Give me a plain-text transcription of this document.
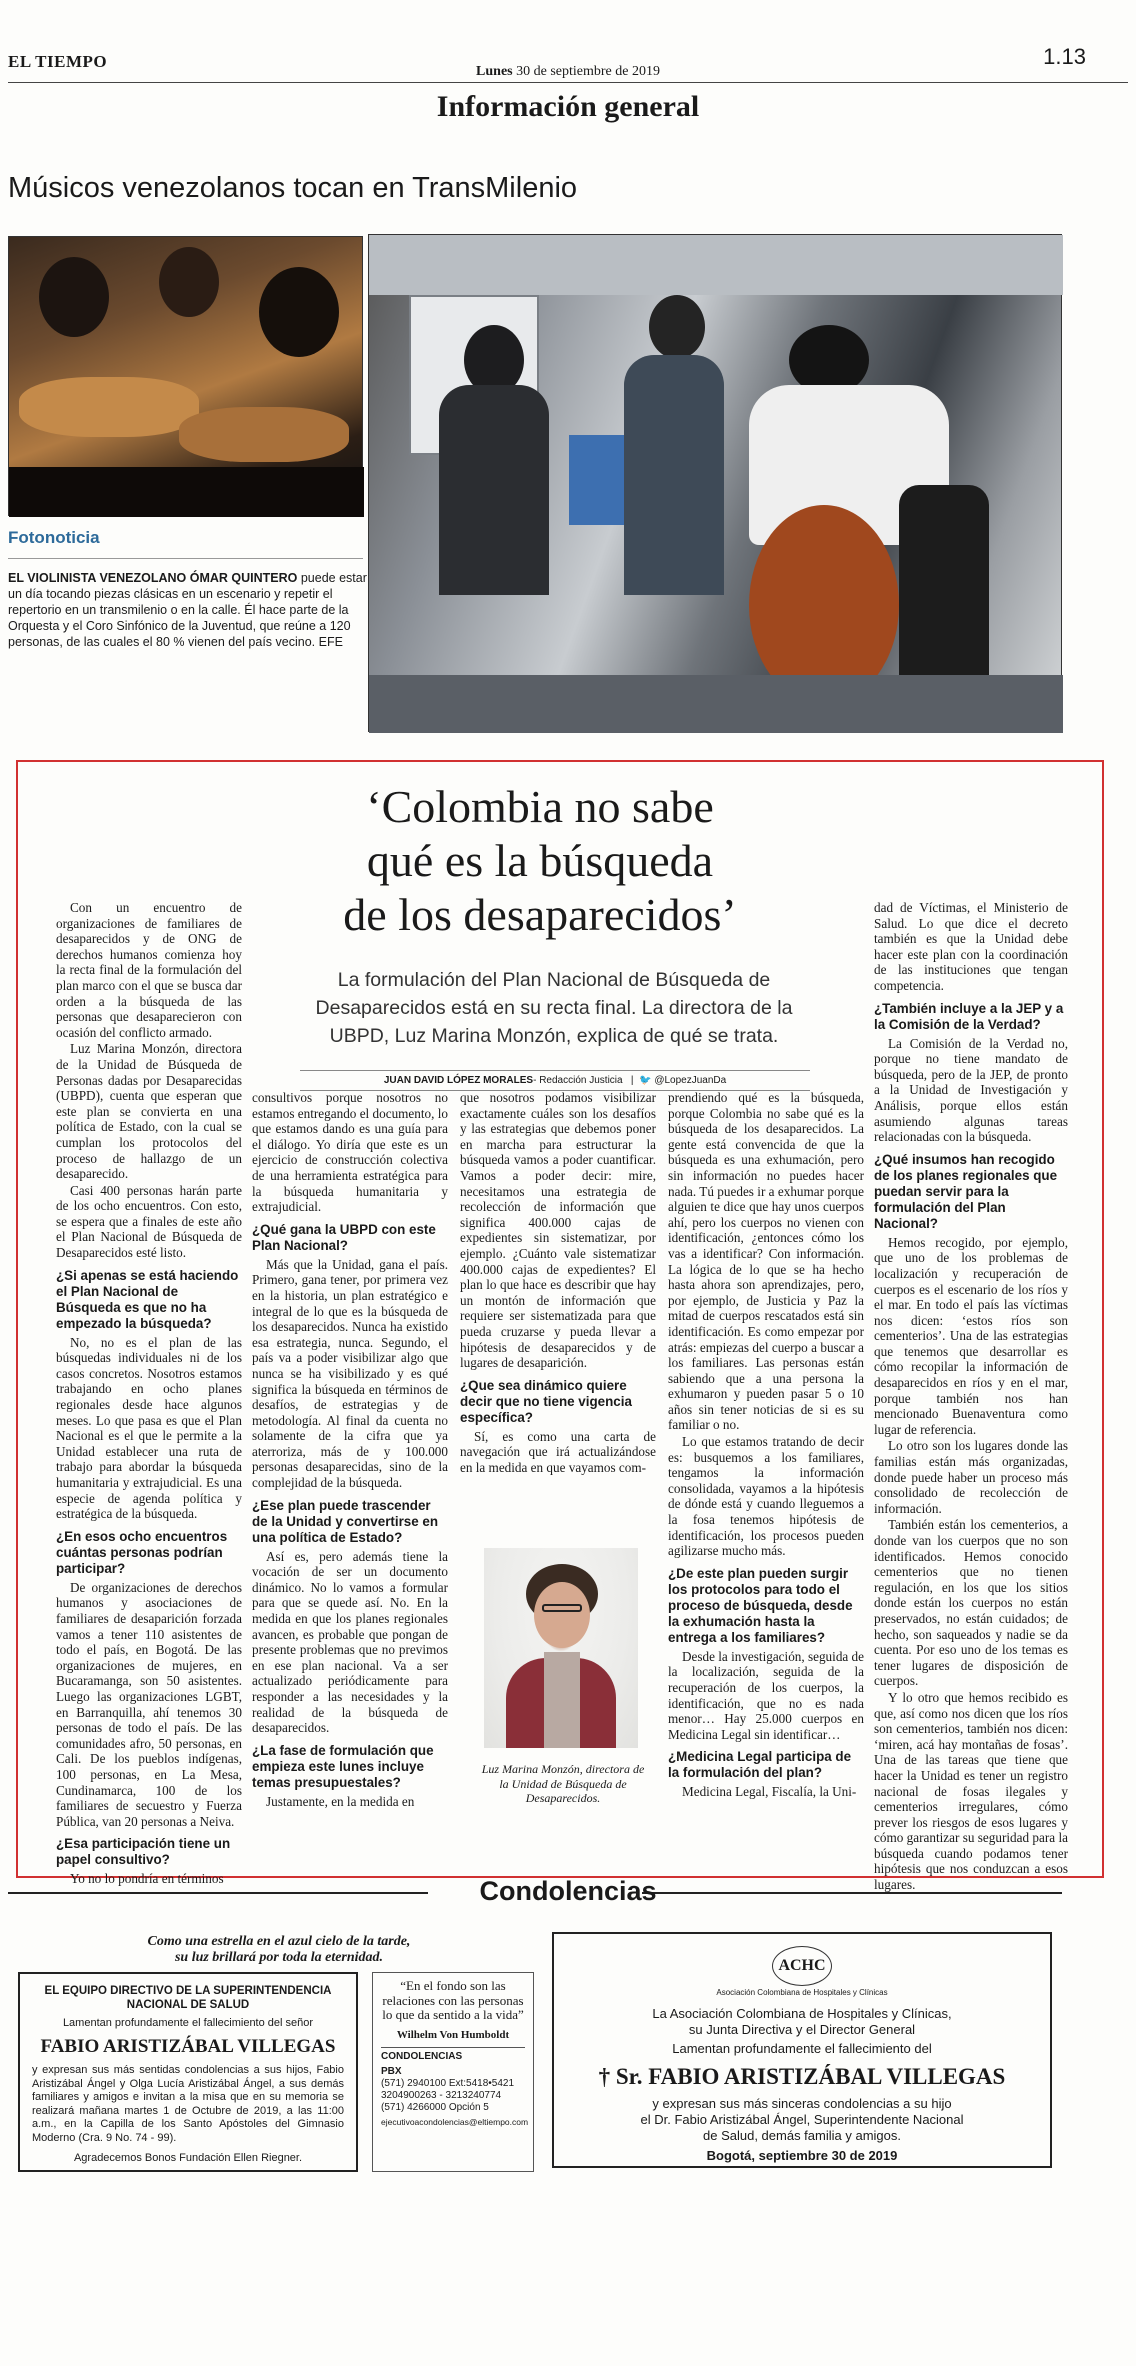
EL TIEMPO
Lunes 30 de septiembre de 2019
1.13
Información general
Músicos venezolanos tocan en TransMilenio
Fotonoticia
EL VIOLINISTA VENEZOLANO ÓMAR QUINTERO puede estar un día tocando piezas clásicas en un escenario y repetir el repertorio en un transmilenio o en la calle. Él hace parte de la Orquesta y el Coro Sinfónico de la Juventud, que reúne a 120 personas, de las cuales el 80 % vienen del país vecino. EFE
‘Colombia no sabe
qué es la búsqueda
de los desaparecidos’
La formulación del Plan Nacional de Búsqueda de Desaparecidos está en su recta final. La directora de la UBPD, Luz Marina Monzón, explica de qué se trata.
JUAN DAVID LÓPEZ MORALES- Redacción Justicia   |  🐦 @LopezJuanDa

Con un encuentro de organizaciones de familiares de desaparecidos y de ONG de derechos humanos comienza hoy la recta final de la formulación del plan marco con el que se busca dar orden a la búsqueda de las personas que desaparecieron con ocasión del conflicto armado.

Luz Marina Monzón, directora de la Unidad de Búsqueda de Personas dadas por Desaparecidas (UBPD), cuenta que esperan que este plan se convierta en una política de Estado, con la cual se cumplan los protocolos del proceso de hallazgo de un desaparecido.

Casi 400 personas harán parte de los ocho encuentros. Con esto, se espera que a finales de este año el Plan Nacional de Búsqueda de Desaparecidos esté listo.

¿Si apenas se está haciendo el Plan Nacional de Búsqueda es que no ha empezado la búsqueda?

No, no es el plan de las búsquedas individuales ni de los casos concretos. Nosotros estamos trabajando en ocho planes regionales desde hace algunos meses. Lo que pasa es que el Plan Nacional es el que le permite a la Unidad establecer una ruta de trabajo para abordar la búsqueda humanitaria y extrajudicial. Es una especie de agenda política y estratégica de la búsqueda.

¿En esos ocho encuentros cuántas personas podrían participar?

De organizaciones de derechos humanos y asociaciones de familiares de desaparición forzada vamos a tener 110 asistentes de todo el país, en Bogotá. De las organizaciones de mujeres, en Bucaramanga, son 50 asistentes. Luego las organizaciones LGBT, en Barranquilla, ahí tenemos 30 personas de todo el país. De las comunidades afro, 50 personas, en Cali. De los pueblos indígenas, 100 personas, en La Mesa, Cundinamarca, 100 de los familiares de secuestro y Fuerza Pública, van 20 personas a Neiva.

¿Esa participación tiene un papel consultivo?

Yo no lo pondría en términos

consultivos porque nosotros no estamos entregando el documento, lo que estamos dando es una guía para el diálogo. Yo diría que este es un ejercicio de construcción colectiva de una herramienta estratégica para la búsqueda humanitaria y extrajudicial.

¿Qué gana la UBPD con este Plan Nacional?

Más que la Unidad, gana el país. Primero, gana tener, por primera vez en la historia, un plan estratégico e integral de lo que es la búsqueda de los desaparecidos. Nunca ha existido esa estrategia, nunca. Segundo, el país va a poder visibilizar algo que nunca se ha visibilizado y es qué significa la búsqueda en términos de desafíos, de estrategias y de metodología. Al final da cuenta no solamente de la cifra que ya aterroriza, más de y 100.000 personas desaparecidas, sino de la complejidad de la búsqueda.

¿Ese plan puede trascender de la Unidad y convertirse en una política de Estado?

Así es, pero además tiene la vocación de ser un documento dinámico. No lo vamos a formular para que se quede así. No. En la medida en que los planes regionales avancen, es probable que pongan de presente problemas que no previmos en ese plan nacional. Va a ser actualizado periódicamente para responder a las necesidades y la realidad de la búsqueda de desaparecidos.

¿La fase de formulación que empieza este lunes incluye temas presupuestales?

Justamente, en la medida en

que nosotros podamos visibilizar exactamente cuáles son los desafíos y las estrategias que debemos poner en marcha para estructurar la búsqueda vamos a poder cuantificar. Vamos a poder decir: mire, necesitamos una estrategia de recolección de información que significa 400.000 cajas de expedientes sin sistematizar, por ejemplo. ¿Cuánto vale sistematizar 400.000 cajas de expedientes? El plan lo que hace es describir que hay un montón de información que requiere ser sistematizada para que pueda cruzarse y pueda llevar a hipótesis de desaparecidos y de lugares de desaparición.

¿Que sea dinámico quiere decir que no tiene vigencia específica?

Sí, es como una carta de navegación que irá actualizándose en la medida en que vayamos com-

Luz Marina Monzón, directora de la Unidad de Búsqueda de Desaparecidos.

prendiendo qué es la búsqueda, porque Colombia no sabe qué es la búsqueda de los desaparecidos. La gente está convencida de que la búsqueda es una exhumación, pero sin información no puedes hacer nada. Tú puedes ir a exhumar porque alguien te dice que hay unos cuerpos ahí, pero los cuerpos no vienen con identificación, ¿entonces cómo los vas a identificar? Con información. La lógica de lo que se ha hecho hasta ahora son aprendizajes, pero, por ejemplo, de Justicia y Paz la mitad de cuerpos rescatados está sin identificación. Es como empezar por atrás: empiezas del cuerpo a buscar a los familiares. Las personas están sabiendo que a una persona la exhumaron y pueden pasar 5 o 10 años sin tener noticias de si es su familiar o no.

Lo que estamos tratando de decir es: busquemos a los familiares, tengamos la información consolidada, vayamos a la hipótesis de dónde está y cuando lleguemos a la fosa tenemos hipótesis de identificación, los procesos pueden agilizarse mucho más.

¿De este plan pueden surgir los protocolos para todo el proceso de búsqueda, desde la exhumación hasta la entrega a los familiares?

Desde la investigación, seguida de la localización, seguida de la recuperación de los cuerpos, la identificación, que no es nada menor… Hay 25.000 cuerpos en Medicina Legal sin identificar…

¿Medicina Legal participa de la formulación del plan?

Medicina Legal, Fiscalía, la Uni-

dad de Víctimas, el Ministerio de Salud. Lo que dice el decreto también es que la Unidad debe hacer este plan con la coordinación de las instituciones que tengan competencia.

¿También incluye a la JEP y a la Comisión de la Verdad?

La Comisión de la Verdad no, porque no tiene mandato de búsqueda, pero de la JEP, de pronto a la Unidad de Investigación y Análisis, porque ellos están asumiendo algunas tareas relacionadas con la búsqueda.

¿Qué insumos han recogido de los planes regionales que puedan servir para la formulación del Plan Nacional?

Hemos recogido, por ejemplo, que uno de los problemas de localización y recuperación de cuerpos es el escenario de los ríos y el mar. En todo el país las víctimas nos dicen: ‘estos ríos son cementerios’. Una de las estrategias que tenemos que desarrollar es cómo recopilar la información de desaparecidos en ríos y en el mar, porque también nos han mencionado Buenaventura como lugar de referencia.

Lo otro son los lugares donde las familias están más organizadas, donde puede haber un proceso más consolidado de recolección de información.

También están los cementerios, a donde van los cuerpos que no son identificados. Hemos conocido cementerios que no tienen regulación, en los que los sitios donde están los cuerpos no están preservados, no están cuidados; de hecho, son saqueados y nadie se da cuenta. Por eso uno de los temas es tener lugares de disposición de cuerpos.

Y lo otro que hemos recibido es que, así como nos dicen que los ríos son cementerios, también nos dicen: ‘miren, acá hay montañas de fosas’. Una de las tareas que tiene que hacer la Unidad es tener un registro nacional de fosas ilegales y cementerios irregulares, cómo prever los riesgos de esos lugares y cómo garantizar su seguridad para la búsqueda cuando podamos tener hipótesis que nos conduzcan a esos lugares.

Condolencias
Como una estrella en el azul cielo de la tarde,
su luz brillará por toda la eternidad.
EL EQUIPO DIRECTIVO DE LA SUPERINTENDENCIA
NACIONAL DE SALUD
Lamentan profundamente el fallecimiento del señor
FABIO ARISTIZÁBAL VILLEGAS
y expresan sus más sentidas condolencias a sus hijos, Fabio Aristizábal Ángel y Olga Lucía Aristizábal Ángel, a sus demás familiares y amigos e invitan a la misa que en su memoria se realizará mañana martes 1 de Octubre de 2019, a las 11:00 a.m., en la Capilla de los Santo Apóstoles del Gimnasio Moderno (Cra. 9 No. 74 - 99).
Agradecemos Bonos Fundación Ellen Riegner.
“En el fondo son las relaciones con las personas lo que da sentido a la vida”
Wilhelm Von Humboldt
CONDOLENCIAS
PBX
(571) 2940100 Ext:5418•5421
3204900263 - 3213240774
(571) 4266000 Opción 5
ejecutivoacondolencias@eltiempo.com
ACHC
Asociación Colombiana de Hospitales y Clínicas
La Asociación Colombiana de Hospitales y Clínicas,
su Junta Directiva y el Director General
Lamentan profundamente el fallecimiento del
† Sr. FABIO ARISTIZÁBAL VILLEGAS
y expresan sus más sinceras condolencias a su hijo
el Dr. Fabio Aristizábal Ángel, Superintendente Nacional
de Salud, demás familia y amigos.
Bogotá, septiembre 30 de 2019
